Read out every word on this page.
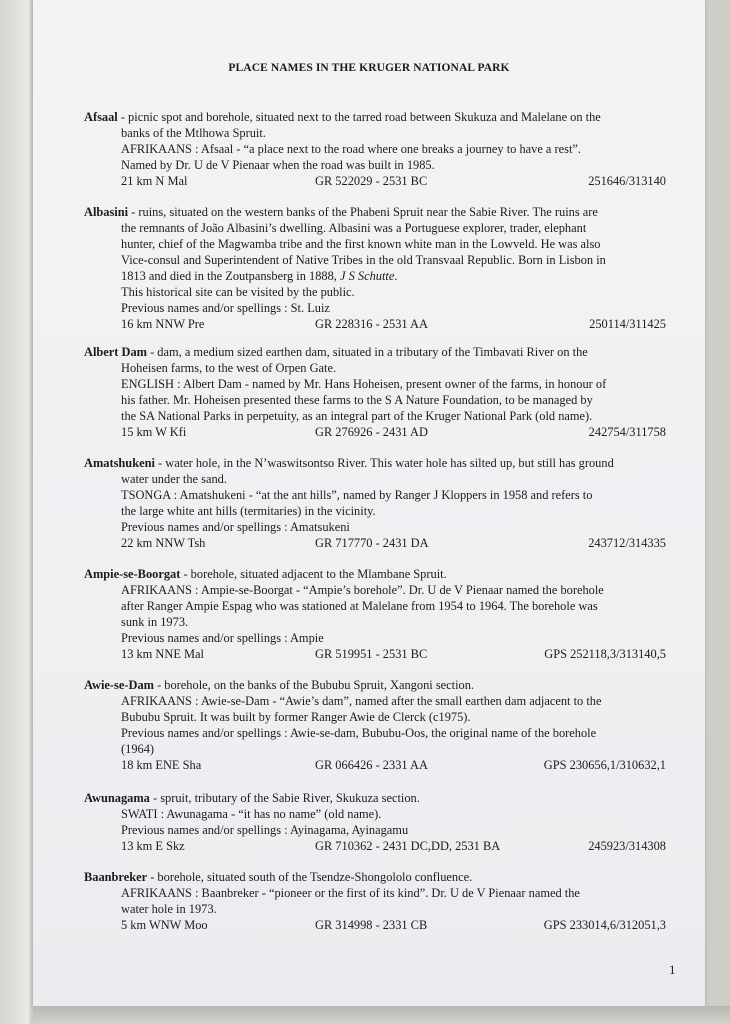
PLACE NAMES IN THE KRUGER NATIONAL PARK
Afsaal - picnic spot and borehole, situated next to the tarred road between Skukuza and Malelane on the
banks of the Mtlhowa Spruit.
AFRIKAANS : Afsaal - “a place next to the road where one breaks a journey to have a rest”.
Named by Dr. U de V Pienaar when the road was built in 1985.
21 km N Mal	GR 522029 - 2531 BC	251646/313140
Albasini - ruins, situated on the western banks of the Phabeni Spruit near the Sabie River. The ruins are
the remnants of João Albasini’s dwelling. Albasini was a Portuguese explorer, trader, elephant
hunter, chief of the Magwamba tribe and the first known white man in the Lowveld. He was also
Vice-consul and Superintendent of Native Tribes in the old Transvaal Republic. Born in Lisbon in
1813 and died in the Zoutpansberg in 1888, J S Schutte.
This historical site can be visited by the public.
Previous names and/or spellings : St. Luiz
16 km NNW Pre	GR 228316 - 2531 AA	250114/311425
Albert Dam - dam, a medium sized earthen dam, situated in a tributary of the Timbavati River on the
Hoheisen farms, to the west of Orpen Gate.
ENGLISH : Albert Dam - named by Mr. Hans Hoheisen, present owner of the farms, in honour of
his father. Mr. Hoheisen presented these farms to the S A Nature Foundation, to be managed by
the SA National Parks in perpetuity, as an integral part of the Kruger National Park (old name).
15 km W Kfi	GR 276926 - 2431 AD	242754/311758
Amatshukeni - water hole, in the N’waswitsontso River. This water hole has silted up, but still has ground
water under the sand.
TSONGA : Amatshukeni - “at the ant hills”, named by Ranger J Kloppers in 1958 and refers to
the large white ant hills (termitaries) in the vicinity.
Previous names and/or spellings : Amatsukeni
22 km NNW Tsh	GR 717770 - 2431 DA	243712/314335
Ampie-se-Boorgat - borehole, situated adjacent to the Mlambane Spruit.
AFRIKAANS : Ampie-se-Boorgat - “Ampie’s borehole”. Dr. U de V Pienaar named the borehole
after Ranger Ampie Espag who was stationed at Malelane from 1954 to 1964. The borehole was
sunk in 1973.
Previous names and/or spellings : Ampie
13 km NNE Mal	GR 519951 - 2531 BC	GPS 252118,3/313140,5
Awie-se-Dam - borehole, on the banks of the Bububu Spruit, Xangoni section.
AFRIKAANS : Awie-se-Dam - “Awie’s dam”, named after the small earthen dam adjacent to the
Bububu Spruit. It was built by former Ranger Awie de Clerck (c1975).
Previous names and/or spellings : Awie-se-dam, Bububu-Oos, the original name of the borehole
(1964)
18 km ENE Sha	GR 066426 - 2331 AA	GPS 230656,1/310632,1
Awunagama - spruit, tributary of the Sabie River, Skukuza section.
SWATI : Awunagama - “it has no name” (old name).
Previous names and/or spellings : Ayinagama, Ayinagamu
13 km E Skz	GR 710362 - 2431 DC,DD, 2531 BA	245923/314308
Baanbreker - borehole, situated south of the Tsendze-Shongololo confluence.
AFRIKAANS : Baanbreker - “pioneer or the first of its kind”. Dr. U de V Pienaar named the
water hole in 1973.
5 km WNW Moo	GR 314998 - 2331 CB	GPS 233014,6/312051,3
1
